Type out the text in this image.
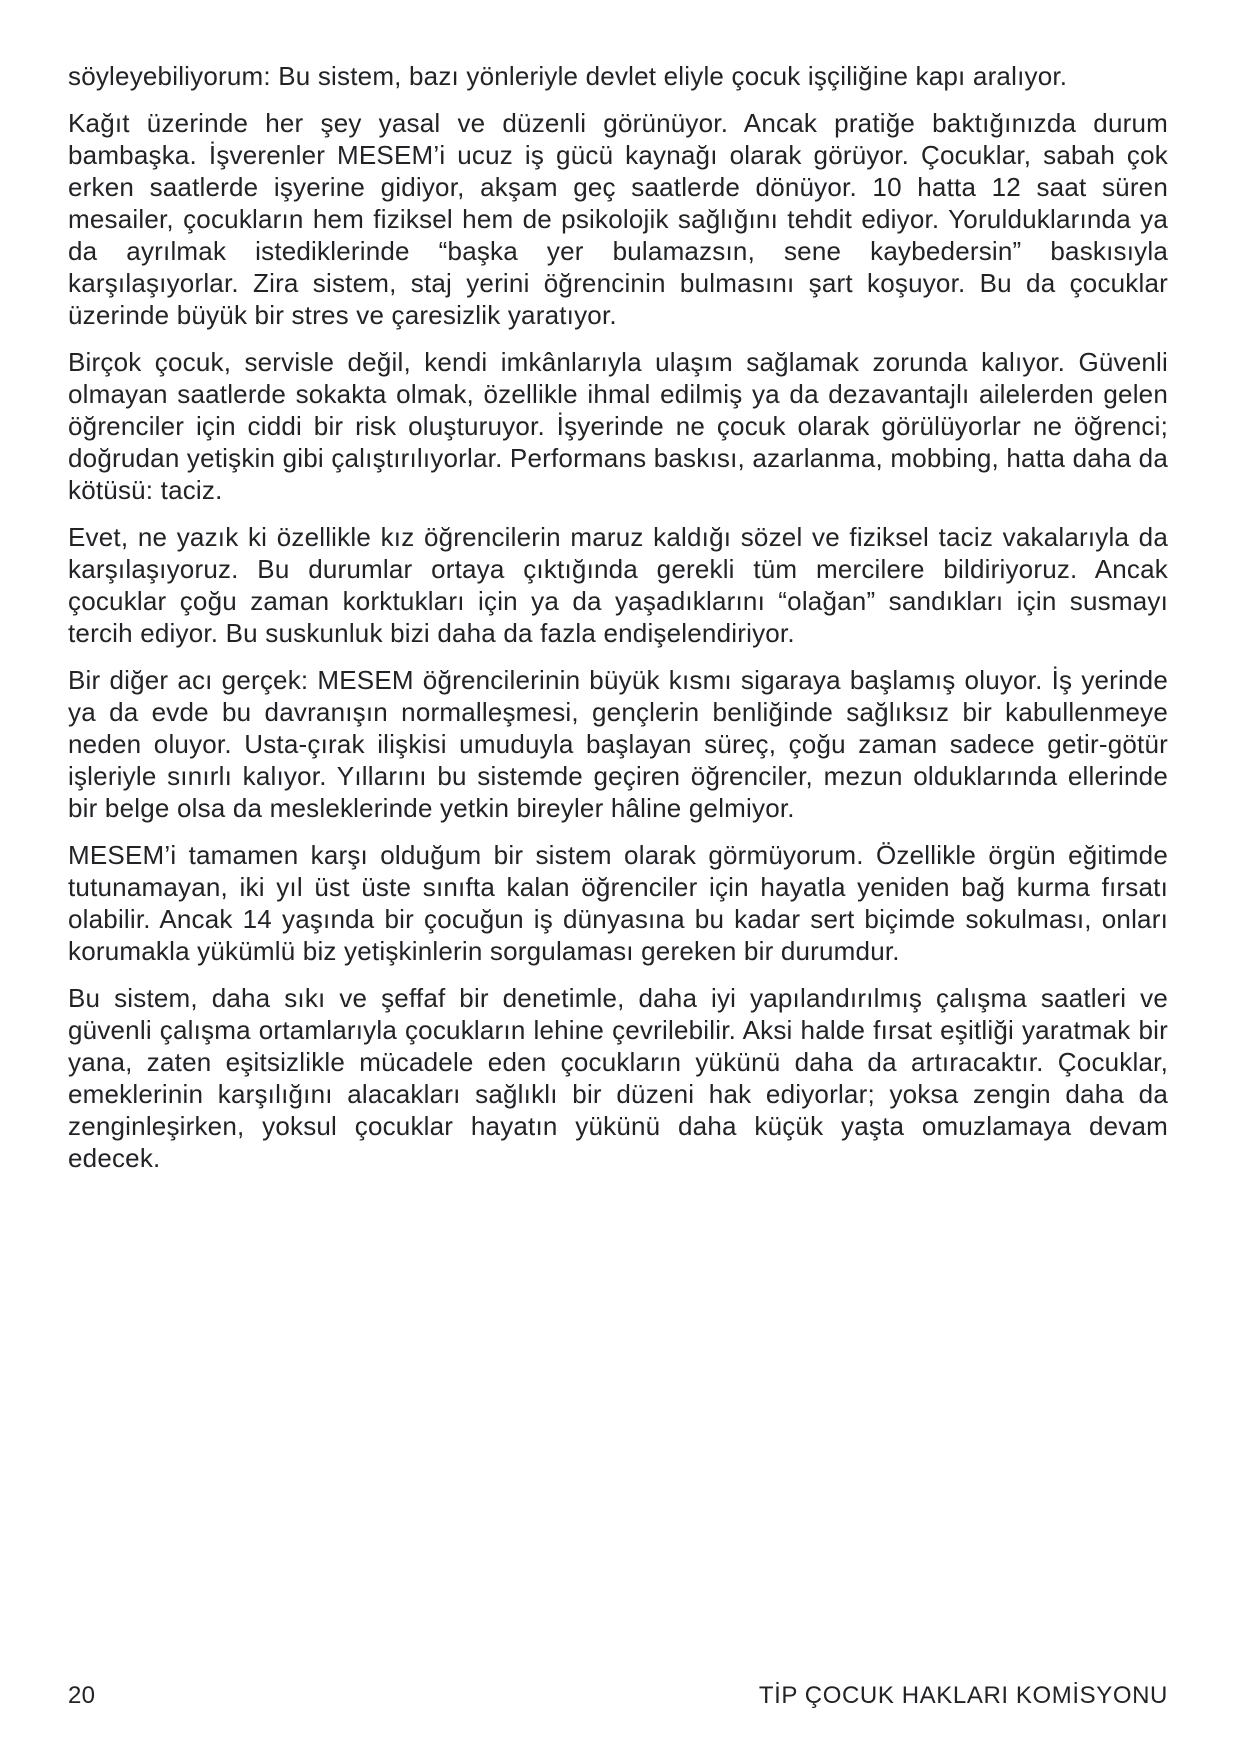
söyleyebiliyorum: Bu sistem, bazı yönleriyle devlet eliyle çocuk işçiliğine kapı aralıyor.

Kağıt üzerinde her şey yasal ve düzenli görünüyor. Ancak pratiğe baktığınızda durum bambaşka. İşverenler MESEM’i ucuz iş gücü kaynağı olarak görüyor. Çocuklar, sabah çok erken saatlerde işyerine gidiyor, akşam geç saatlerde dönüyor. 10 hatta 12 saat süren mesailer, çocukların hem fiziksel hem de psikolojik sağlığını tehdit ediyor. Yorulduklarında ya da ayrılmak istediklerinde “başka yer bulamazsın, sene kaybedersin” baskısıyla karşılaşıyorlar. Zira sistem, staj yerini öğrencinin bulmasını şart koşuyor. Bu da çocuklar üzerinde büyük bir stres ve çaresizlik yaratıyor.

Birçok çocuk, servisle değil, kendi imkânlarıyla ulaşım sağlamak zorunda kalıyor. Güvenli olmayan saatlerde sokakta olmak, özellikle ihmal edilmiş ya da dezavantajlı ailelerden gelen öğrenciler için ciddi bir risk oluşturuyor. İşyerinde ne çocuk olarak görülüyorlar ne öğrenci; doğrudan yetişkin gibi çalıştırılıyorlar. Performans baskısı, azarlanma, mobbing, hatta daha da kötüsü: taciz.

Evet, ne yazık ki özellikle kız öğrencilerin maruz kaldığı sözel ve fiziksel taciz vakalarıyla da karşılaşıyoruz. Bu durumlar ortaya çıktığında gerekli tüm mercilere bildiriyoruz. Ancak çocuklar çoğu zaman korktukları için ya da yaşadıklarını “olağan” sandıkları için susmayı tercih ediyor. Bu suskunluk bizi daha da fazla endişelendiriyor.

Bir diğer acı gerçek: MESEM öğrencilerinin büyük kısmı sigaraya başlamış oluyor. İş yerinde ya da evde bu davranışın normalleşmesi, gençlerin benliğinde sağlıksız bir kabullenmeye neden oluyor. Usta-çırak ilişkisi umuduyla başlayan süreç, çoğu zaman sadece getir-götür işleriyle sınırlı kalıyor. Yıllarını bu sistemde geçiren öğrenciler, mezun olduklarında ellerinde bir belge olsa da mesleklerinde yetkin bireyler hâline gelmiyor.

MESEM’i tamamen karşı olduğum bir sistem olarak görmüyorum. Özellikle örgün eğitimde tutunamayan, iki yıl üst üste sınıfta kalan öğrenciler için hayatla yeniden bağ kurma fırsatı olabilir. Ancak 14 yaşında bir çocuğun iş dünyasına bu kadar sert biçimde sokulması, onları korumakla yükümlü biz yetişkinlerin sorgulaması gereken bir durumdur.

Bu sistem, daha sıkı ve şeffaf bir denetimle, daha iyi yapılandırılmış çalışma saatleri ve güvenli çalışma ortamlarıyla çocukların lehine çevrilebilir. Aksi halde fırsat eşitliği yaratmak bir yana, zaten eşitsizlikle mücadele eden çocukların yükünü daha da artıracaktır. Çocuklar, emeklerinin karşılığını alacakları sağlıklı bir düzeni hak ediyorlar; yoksa zengin daha da zenginleşirken, yoksul çocuklar hayatın yükünü daha küçük yaşta omuzlamaya devam edecek.

20	TİP ÇOCUK HAKLARI KOMİSYONU
